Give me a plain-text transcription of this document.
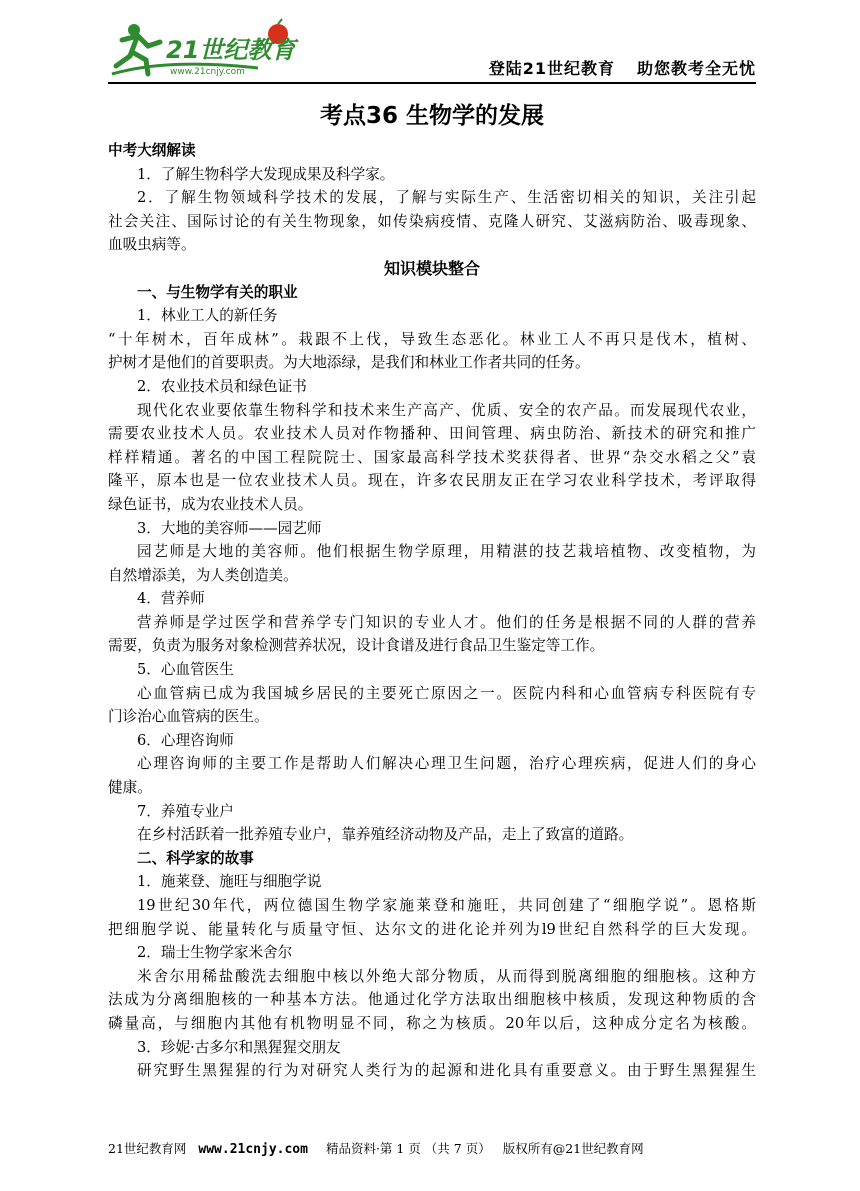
21世纪教育
www.21cnjy.com	登陆21世纪教育 助您教考全无忧
考点36 生物学的发展
中考大纲解读
1．了解生物科学大发现成果及科学家。
2．了解生物领域科学技术的发展，了解与实际生产、生活密切相关的知识，关注引起
社会关注、国际讨论的有关生物现象，如传染病疫情、克隆人研究、艾滋病防治、吸毒现象、
血吸虫病等。
知识模块整合
一、与生物学有关的职业
1．林业工人的新任务
“十年树木，百年成林”。栽跟不上伐，导致生态恶化。林业工人不再只是伐木，植树、
护树才是他们的首要职责。为大地添绿，是我们和林业工作者共同的任务。
2．农业技术员和绿色证书
现代化农业要依靠生物科学和技术来生产高产、优质、安全的农产品。而发展现代农业，
需要农业技术人员。农业技术人员对作物播种、田间管理、病虫防治、新技术的研究和推广
样样精通。著名的中国工程院院士、国家最高科学技术奖获得者、世界“杂交水稻之父”袁
隆平，原本也是一位农业技术人员。现在，许多农民朋友正在学习农业科学技术，考评取得
绿色证书，成为农业技术人员。
3．大地的美容师——园艺师
园艺师是大地的美容师。他们根据生物学原理，用精湛的技艺栽培植物、改变植物，为
自然增添美，为人类创造美。
4．营养师
营养师是学过医学和营养学专门知识的专业人才。他们的任务是根据不同的人群的营养
需要，负责为服务对象检测营养状况，设计食谱及进行食品卫生鉴定等工作。
5．心血管医生
心血管病已成为我国城乡居民的主要死亡原因之一。医院内科和心血管病专科医院有专
门诊治心血管病的医生。
6．心理咨询师
心理咨询师的主要工作是帮助人们解决心理卫生问题，治疗心理疾病，促进人们的身心
健康。
7．养殖专业户
在乡村活跃着一批养殖专业户，靠养殖经济动物及产品，走上了致富的道路。
二、科学家的故事
1．施莱登、施旺与细胞学说
19世纪30年代，两位德国生物学家施莱登和施旺，共同创建了“细胞学说”。恩格斯
把细胞学说、能量转化与质量守恒、达尔文的进化论并列为l9世纪自然科学的巨大发现。
2．瑞士生物学家米舍尔
米舍尔用稀盐酸洗去细胞中核以外绝大部分物质，从而得到脱离细胞的细胞核。这种方
法成为分离细胞核的一种基本方法。他通过化学方法取出细胞核中核质，发现这种物质的含
磷量高，与细胞内其他有机物明显不同，称之为核质。20年以后，这种成分定名为核酸。
3．珍妮·古多尔和黑猩猩交朋友
研究野生黑猩猩的行为对研究人类行为的起源和进化具有重要意义。由于野生黑猩猩生
21世纪教育网 www.21cnjy.com 精品资料·第 1 页 （共 7 页） 版权所有@21世纪教育网
